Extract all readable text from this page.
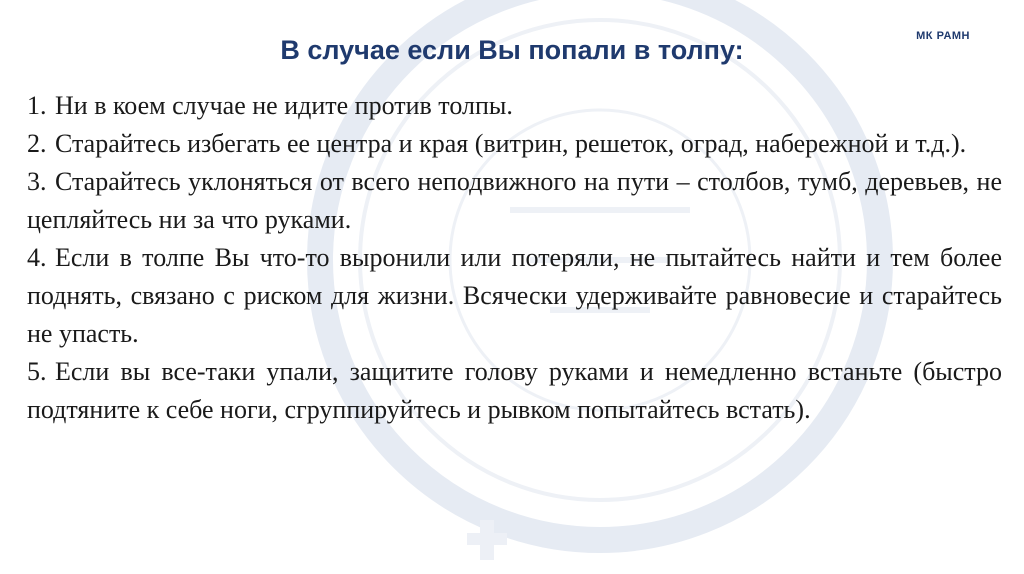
МК РАМН
В случае если Вы попали в толпу:
1. Ни в коем случае не идите против толпы.
2. Старайтесь избегать ее центра и края (витрин, решеток, оград, набережной и т.д.).
3. Старайтесь уклоняться от всего неподвижного на пути – столбов, тумб, деревьев, не цепляйтесь ни за что руками.
4. Если в толпе Вы что-то выронили или потеряли, не пытайтесь найти и тем более поднять, связано с риском для жизни. Всячески удерживайте равновесие и старайтесь не упасть.
5. Если вы все-таки упали, защитите голову руками и немедленно встаньте (быстро подтяните к себе ноги, сгруппируйтесь и рывком попытайтесь встать).
